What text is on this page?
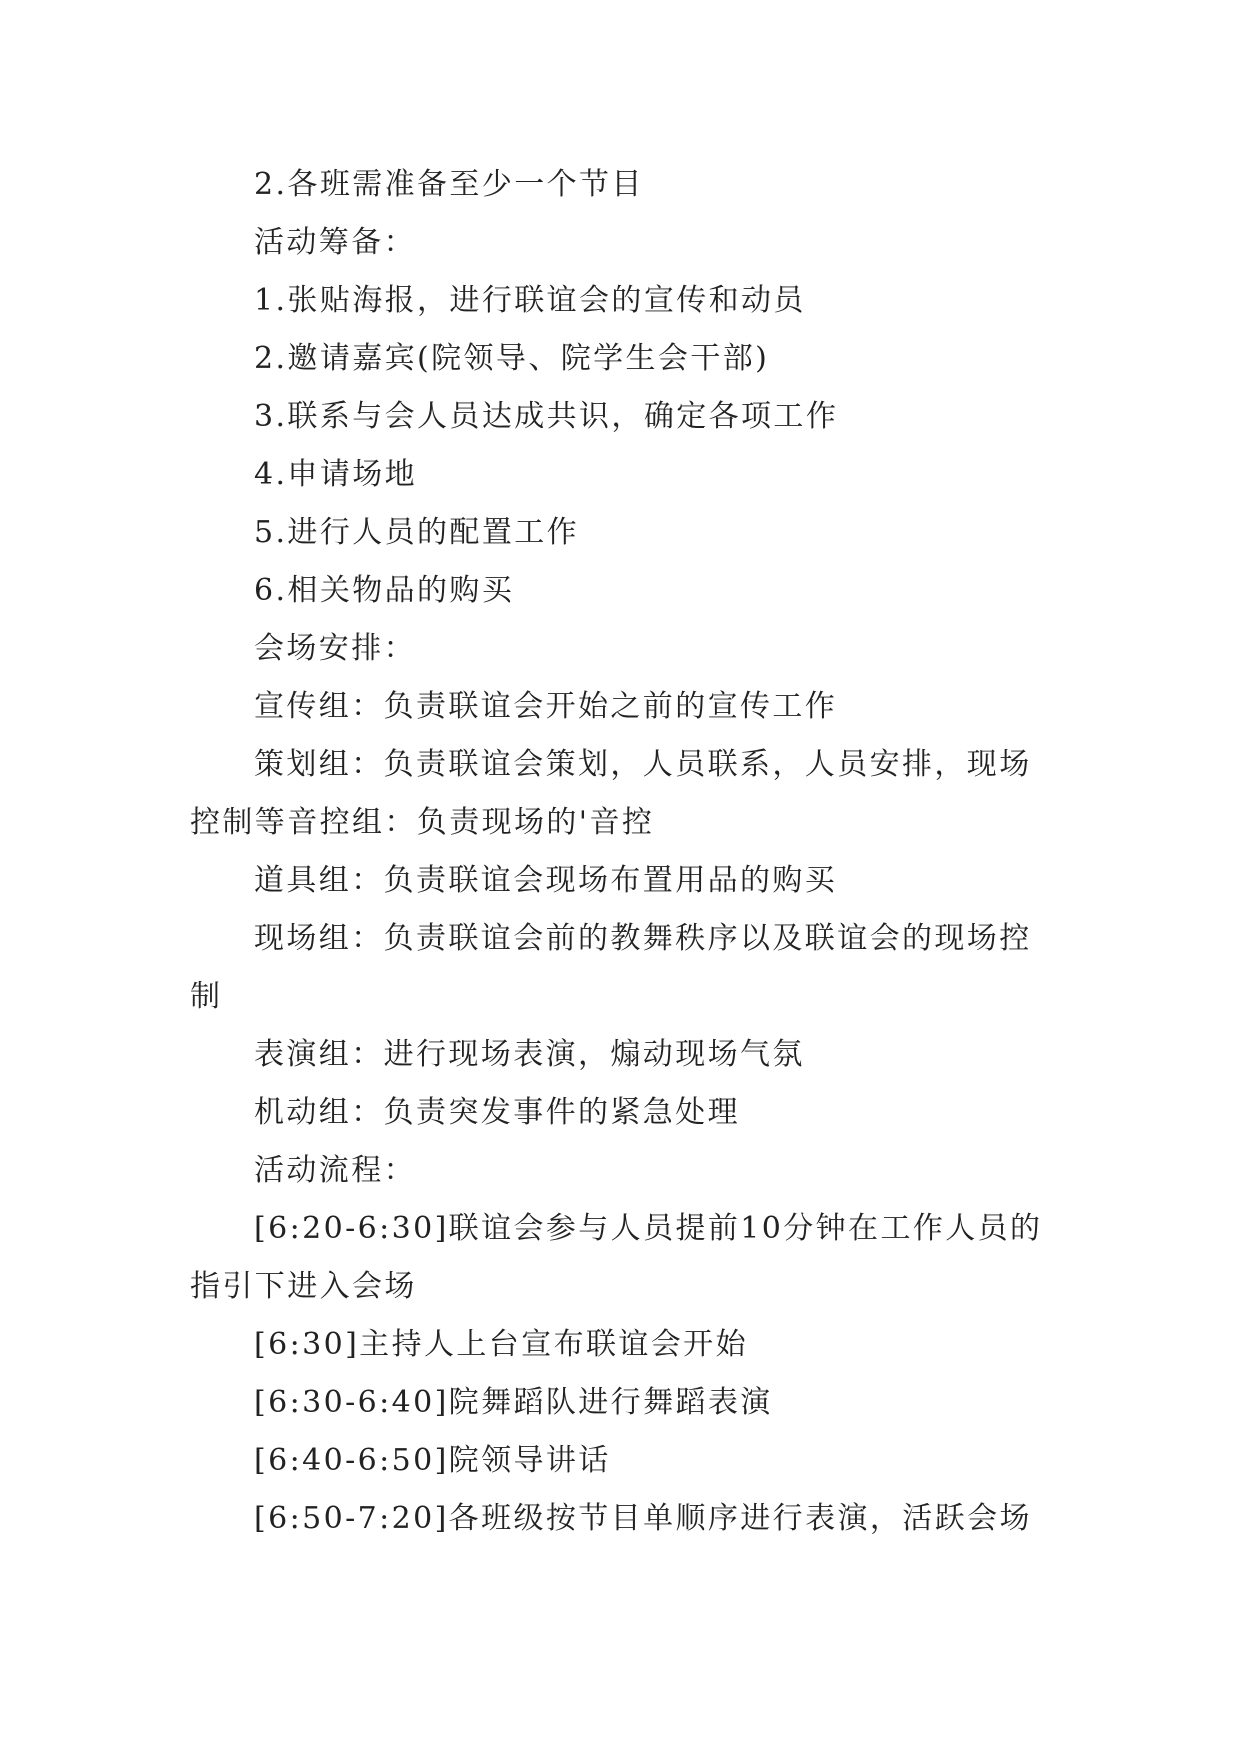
2.各班需准备至少一个节目

活动筹备：

1.张贴海报，进行联谊会的宣传和动员

2.邀请嘉宾(院领导、院学生会干部)

3.联系与会人员达成共识，确定各项工作

4.申请场地

5.进行人员的配置工作

6.相关物品的购买

会场安排：

宣传组：负责联谊会开始之前的宣传工作

策划组：负责联谊会策划，人员联系，人员安排，现场控制等音控组：负责现场的'音控

道具组：负责联谊会现场布置用品的购买

现场组：负责联谊会前的教舞秩序以及联谊会的现场控制

表演组：进行现场表演，煽动现场气氛

机动组：负责突发事件的紧急处理

活动流程：

[6:20-6:30]联谊会参与人员提前10分钟在工作人员的指引下进入会场

[6:30]主持人上台宣布联谊会开始

[6:30-6:40]院舞蹈队进行舞蹈表演

[6:40-6:50]院领导讲话

[6:50-7:20]各班级按节目单顺序进行表演，活跃会场
